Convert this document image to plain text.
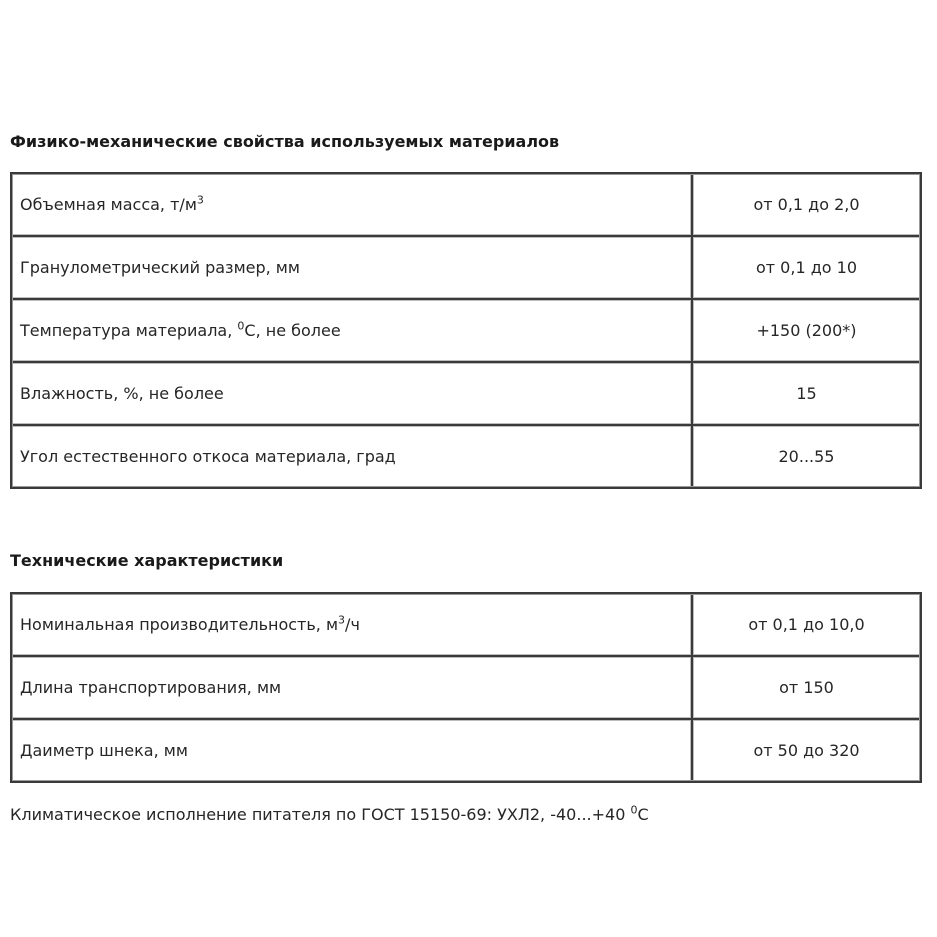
Физико-механические свойства используемых материалов
Объемная масса, $т/м^3$	от 0,1 до 2,0
Гранулометрический размер, мм	от 0,1 до 10
Температура материала, $^0$С, не более	+150 (200*)
Влажность, %, не более	15
Угол естественного откоса материала, град	20...55
Технические характеристики
Номинальная производительность, $м^3/ч$	от 0,1 до 10,0
Длина транспортирования, мм	от 150
Даиметр шнека, мм	от 50 до 320

Климатическое исполнение питателя по ГОСТ 15150-69: УХЛ2, -40...+40 $^0$С
